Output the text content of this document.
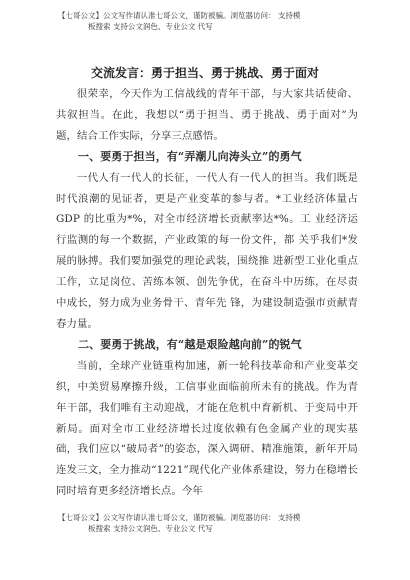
【七哥公文】公文写作请认准七哥公文，谨防被骗。浏览器访问： 支持模
板搜索 支持公文润色、专业公文 代写
交流发言：勇于担当、勇于挑战、勇于面对

很荣幸，今天作为工信战线的青年干部，与大家共话使命、共叙担当。在此，我想以“勇于担当、勇于挑战、勇于面对”为题，结合工作实际，分享三点感悟。

一、要勇于担当，有“弄潮儿向涛头立”的勇气

一代人有一代人的长征，一代人有一代人的担当。我们既是时代浪潮的见证者，更是产业变革的参与者。*工业经济体量占 GDP 的比重为*%，对全市经济增长贡献率达*%。工 业经济运行监测的每一个数据，产业政策的每一份文件，都 关乎我们*发展的脉搏。我们要加强党的理论武装，围绕推 进新型工业化重点工作，立足岗位、苦练本领、创先争优，在奋斗中历练，在尽责中成长，努力成为业务骨干、青年先 锋，为建设制造强市贡献青春力量。

二、要勇于挑战，有“越是艰险越向前”的锐气

当前，全球产业链重构加速，新一轮科技革命和产业变革交织，中美贸易摩擦升级，工信事业面临前所未有的挑战。作为青年干部，我们唯有主动迎战，才能在危机中育新机、于变局中开新局。面对全市工业经济增长过度依赖有色金属产业的现实基础，我们应以“破局者”的姿态，深入调研、精准施策，新年开局连发三文，全力推动“1221”现代化产业体系建设，努力在稳增长同时培育更多经济增长点。今年

【七哥公文】公文写作请认准七哥公文，谨防被骗。浏览器访问： 支持模
板搜索 支持公文润色、专业公文 代写
